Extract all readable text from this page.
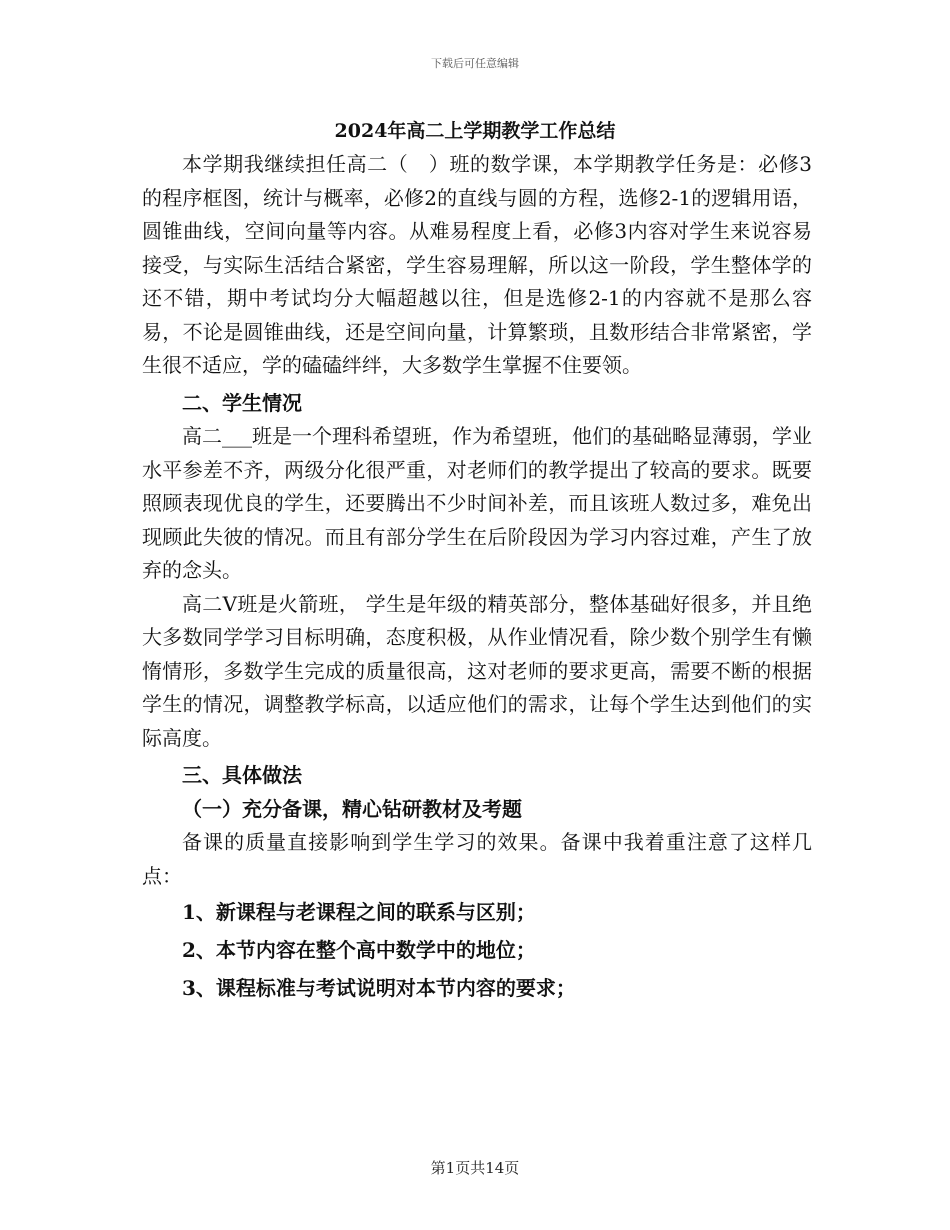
下载后可任意编辑
2024年高二上学期教学工作总结

本学期我继续担任高二（　）班的数学课，本学期教学任务是：必修3的程序框图，统计与概率，必修2的直线与圆的方程，选修2-1的逻辑用语，圆锥曲线，空间向量等内容。从难易程度上看，必修3内容对学生来说容易接受，与实际生活结合紧密，学生容易理解，所以这一阶段，学生整体学的还不错，期中考试均分大幅超越以往，但是选修2-1的内容就不是那么容易，不论是圆锥曲线，还是空间向量，计算繁琐，且数形结合非常紧密，学生很不适应，学的磕磕绊绊，大多数学生掌握不住要领。

二、学生情况

高二___班是一个理科希望班，作为希望班，他们的基础略显薄弱，学业水平参差不齐，两级分化很严重，对老师们的教学提出了较高的要求。既要照顾表现优良的学生，还要腾出不少时间补差，而且该班人数过多，难免出现顾此失彼的情况。而且有部分学生在后阶段因为学习内容过难，产生了放弃的念头。

高二Ⅴ班是火箭班， 学生是年级的精英部分，整体基础好很多，并且绝大多数同学学习目标明确，态度积极，从作业情况看，除少数个别学生有懒惰情形，多数学生完成的质量很高，这对老师的要求更高，需要不断的根据学生的情况，调整教学标高，以适应他们的需求，让每个学生达到他们的实际高度。

三、具体做法

（一）充分备课，精心钻研教材及考题

备课的质量直接影响到学生学习的效果。备课中我着重注意了这样几点：

1、新课程与老课程之间的联系与区别；

2、本节内容在整个高中数学中的地位；

3、课程标准与考试说明对本节内容的要求；

第1页共14页
